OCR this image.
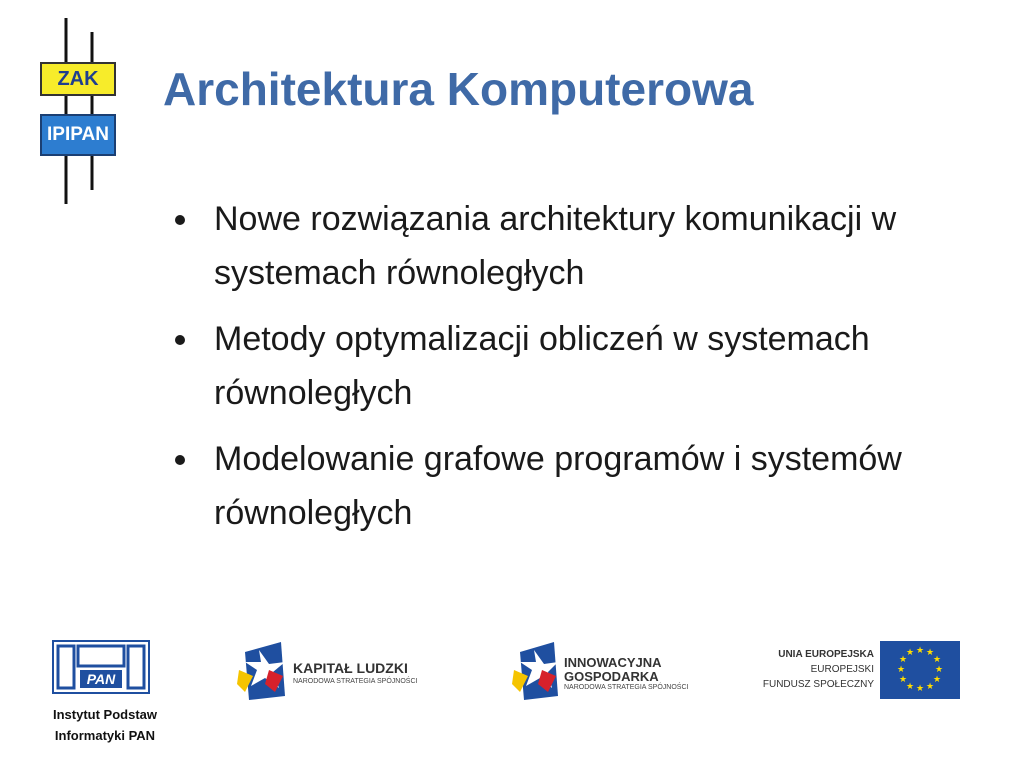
ZAK
IPIPAN
Architektura Komputerowa
Nowe rozwiązania architektury komunikacji w systemach równoległych
Metody optymalizacji obliczeń w systemach równoległych
Modelowanie grafowe programów i systemów równoległych
PAN
Instytut Podstaw
Informatyki PAN
KAPITAŁ LUDZKI
NARODOWA STRATEGIA SPÓJNOŚCI
INNOWACYJNA
GOSPODARKA
NARODOWA STRATEGIA SPÓJNOŚCI
UNIA EUROPEJSKA
EUROPEJSKI
FUNDUSZ SPOŁECZNY
★ ★
★
★
★
★
★
★
★
★
★
★
